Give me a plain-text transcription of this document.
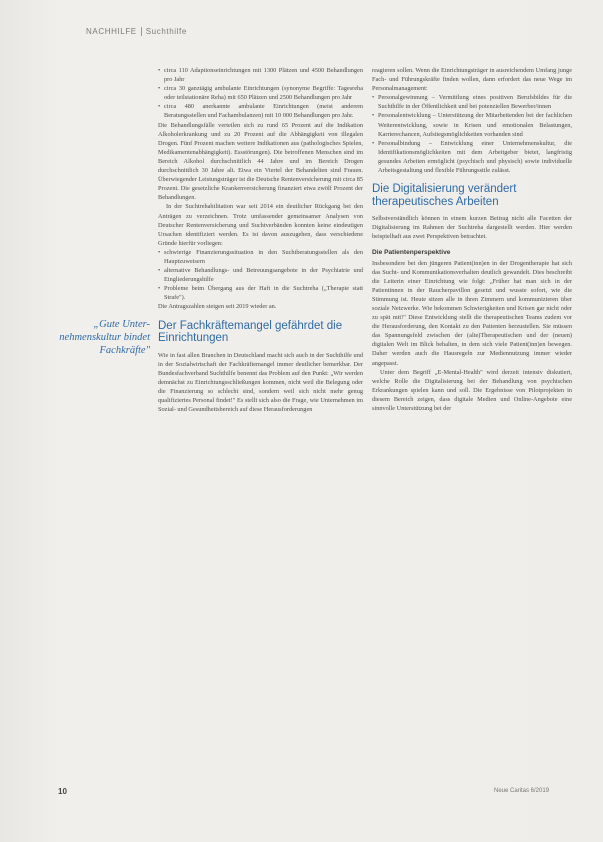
NACHHILFE Suchthilfe
„Gute Unter-nehmenskultur bindet Fachkräfte"
• circa 110 Adaptionseinrichtungen mit 1300 Plätzen und 4500 Behandlungen pro Jahr
• circa 30 ganztägig ambulante Einrichtungen (synonyme Begriffe: Tagesreha oder teilstationäre Reha) mit 650 Plätzen und 2500 Behandlungen pro Jahr
• circa 480 anerkannte ambulante Einrichtungen (meist anderem Beratungsstellen und Fachambulanzen) mit 10 000 Behandlungen pro Jahr.

Die Behandlungsfälle verteilen sich zu rund 65 Prozent auf die Indikation Alkoholerkrankung und zu 20 Prozent auf die Abhängigkeit von illegalen Drogen. Fünf Prozent machen weitere Indikationen aus (pathologisches Spielen, Medikamentenabhängigkeit). Essstörungen). Die betroffenen Menschen sind im Bereich Alkohol durchschnittlich 44 Jahre und im Bereich Drogen durchschnittlich 30 Jahre alt. Etwa ein Viertel der Behandelten sind Frauen. Überwiegender Leistungsträger ist die Deutsche Rentenversicherung mit circa 85 Prozent. Die gesetzliche Krankenversicherung finanziert etwa zwölf Prozent der Behandlungen.

In der Suchtrehabilitation war seit 2014 ein deutlicher Rückgang bei den Anträgen zu verzeichnen. Trotz umfassender gemeinsamer Analysen von Deutscher Rentenversicherung und Suchtverbänden konnten keine eindeutigen Ursachen identifiziert werden. Es ist davon auszugehen, dass verschiedene Gründe hierfür vorliegen:

• schwierige Finanzierungssituation in den Suchtberatungsstellen als den Hauptzuweisern
• alternative Behandlungs- und Betreuungsangebote in der Psychiatrie und Eingliederungshilfe
• Probleme beim Übergang aus der Haft in die Suchtreha („Therapie statt Strafe").

Die Antragszahlen steigen seit 2019 wieder an.

Der Fachkräftemangel gefährdet die Einrichtungen

Wie in fast allen Branchen in Deutschland macht sich auch in der Suchthilfe und in der Sozialwirtschaft der Fachkräftemangel immer deutlicher bemerkbar. Der Bundesfachverband Suchthilfe benennt das Problem auf den Punkt: „Wir werden demnächst zu Einrichtungsschließungen kommen, nicht weil die Belegung oder die Finanzierung so schlecht sind, sondern weil sich nicht mehr genug qualifiziertes Personal findet!" Es stellt sich also die Frage, wie Unternehmen im Sozial- und Gesundheitsbereich auf diese Herausforderungen

reagieren sollen. Wenn die Einrichtungsträger in ausreichendem Umfang junge Fach- und Führungskräfte finden wollen, dann erfordert das neue Wege im Personalmanagement:

• Personalgewinnung – Vermittlung eines positiven Berufsbildes für die Suchthilfe in der Öffentlichkeit und bei potenziellen Bewerber/innen
• Personalentwicklung – Unterstützung der Mitarbeitenden bei der fachlichen Weiterentwicklung, sowie in Krisen und emotionalen Belastungen, Karrierechancen, Aufstiegsmöglichkeiten vorhanden sind
• Personalbindung – Entwicklung einer Unternehmenskultur, die Identifikationsmöglichkeiten mit dem Arbeitgeber bietet, langfristig gesundes Arbeiten ermöglicht (psychisch und physisch) sowie individuelle Arbeitsgestaltung und flexible Führungsstile zulässt.
Die Digitalisierung verändert therapeutisches Arbeiten

Selbstverständlich können in einem kurzen Beitrag nicht alle Facetten der Digitalisierung im Rahmen der Suchtreha dargestellt werden. Hier werden beispielhaft aus zwei Perspektiven betrachtet.

Die Patientenperspektive

Insbesondere bei den jüngeren Patient(inn)en in der Drogentherapie hat sich das Sucht- und Kommunikationsverhalten deutlich gewandelt. Dies beschreibt die Leiterin einer Einrichtung wie folgt: „Früher hat man sich in der Patientinnen in der Raucherpavillon gesetzt und wusste sofort, wie die Stimmung ist. Heute sitzen alle in ihren Zimmern und kommunizieren über soziale Netzwerke. Wie bekommen Schwierigkeiten und Krisen gar nicht oder zu spät mit!" Diese Entwicklung stellt die therapeutischen Teams zudem vor die Herausforderung, den Kontakt zu den Patienten herzustellen. Sie müssen das Spannungsfeld zwischen der (alte)Therapeutischen und der (neuen) digitalen Welt im Blick behalten, in dem sich viele Patient(inn)en bewegen. Daher werden auch die Hausregeln zur Mediennutzung immer wieder angepasst.

Unter dem Begriff „E-Mental-Health" wird derzeit intensiv diskutiert, welche Rolle die Digitalisierung bei der Behandlung von psychischen Erkrankungen spielen kann und soll. Die Ergebnisse von Pilotprojekten in diesem Bereich zeigen, dass digitale Medien und Online-Angebote eine sinnvolle Unterstützung bei der

10	Neue Caritas 6/2019
